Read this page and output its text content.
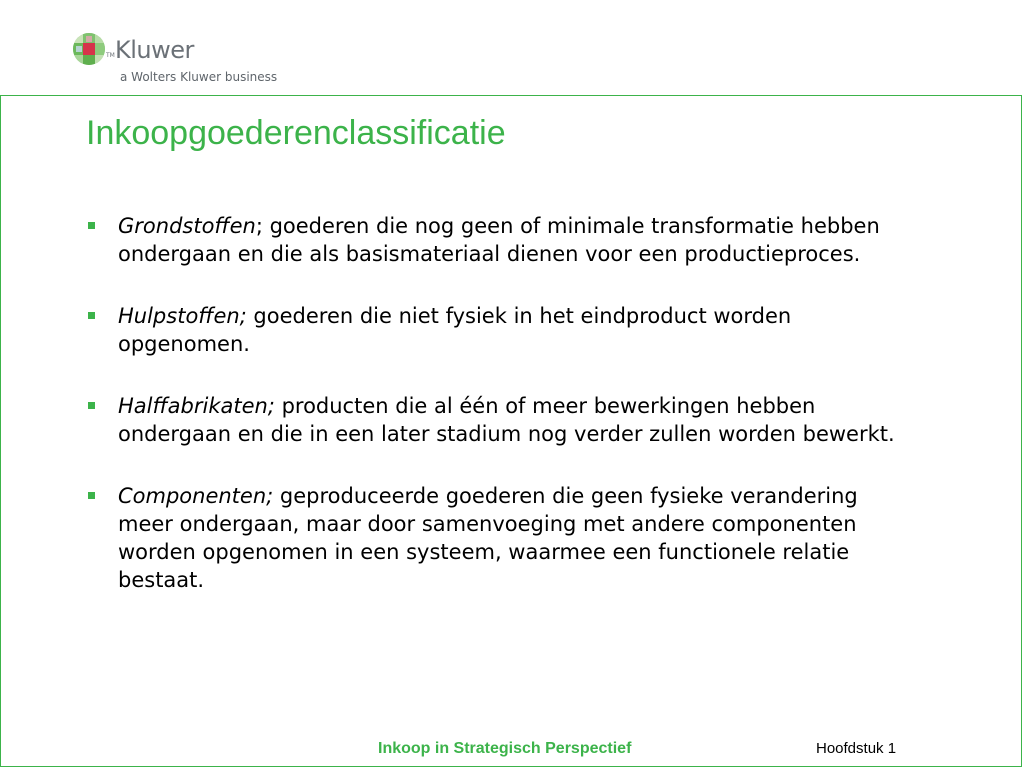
TM Kluwer
a Wolters Kluwer business
Inkoopgoederenclassificatie
Grondstoffen; goederen die nog geen of minimale transformatie hebben ondergaan en die als basismateriaal dienen voor een productieproces.
Hulpstoffen; goederen die niet fysiek in het eindproduct worden opgenomen.
Halffabrikaten; producten die al één of meer bewerkingen hebben ondergaan en die in een later stadium nog verder zullen worden bewerkt.
Componenten; geproduceerde goederen die geen fysieke verandering meer ondergaan, maar door samenvoeging met andere componenten worden opgenomen in een systeem, waarmee een functionele relatie bestaat.
Inkoop in Strategisch Perspectief	Hoofdstuk 1
